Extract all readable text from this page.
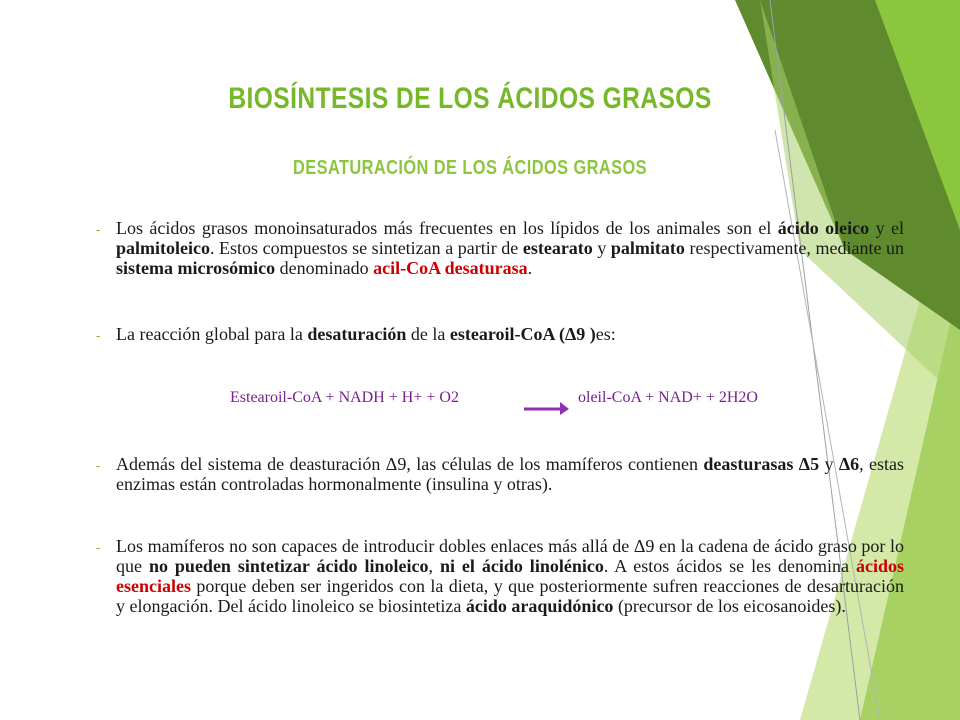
BIOSÍNTESIS DE LOS ÁCIDOS GRASOS
DESATURACIÓN DE LOS ÁCIDOS GRASOS
- Los ácidos grasos monoinsaturados más frecuentes en los lípidos de los animales son el ácido oleico y el palmitoleico. Estos compuestos se sintetizan a partir de estearato y palmitato respectivamente, mediante un sistema microsómico denominado acil-CoA desaturasa.
- La reacción global para la desaturación de la estearoil-CoA (Δ9 )es:
Estearoil-CoA + NADH + H+ + O2	→ oleil-CoA + NAD+ + 2H2O
- Además del sistema de deasturación Δ9, las células de los mamíferos contienen deasturasas Δ5 y Δ6, estas enzimas están controladas hormonalmente (insulina y otras).
- Los mamíferos no son capaces de introducir dobles enlaces más allá de Δ9 en la cadena de ácido graso por lo que no pueden sintetizar ácido linoleico, ni el ácido linolénico. A estos ácidos se les denomina ácidos esenciales porque deben ser ingeridos con la dieta, y que posteriormente sufren reacciones de desarturación y elongación. Del ácido linoleico se biosintetiza ácido araquidónico (precursor de los eicosanoides).
